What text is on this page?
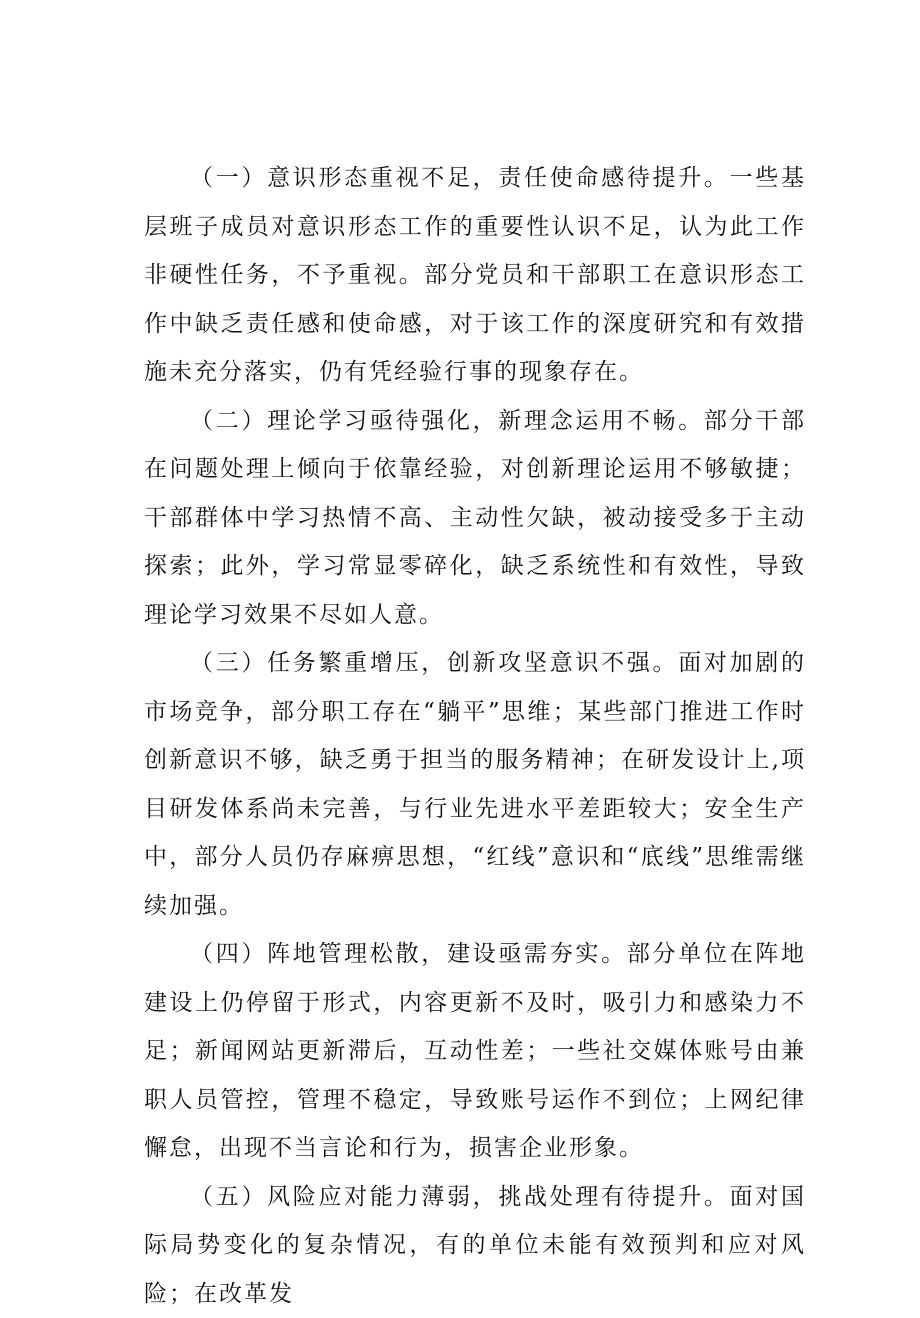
（一）意识形态重视不足，责任使命感待提升。一些基层班子成员对意识形态工作的重要性认识不足，认为此工作非硬性任务，不予重视。部分党员和干部职工在意识形态工作中缺乏责任感和使命感，对于该工作的深度研究和有效措施未充分落实，仍有凭经验行事的现象存在。

（二）理论学习亟待强化，新理念运用不畅。部分干部在问题处理上倾向于依靠经验，对创新理论运用不够敏捷；干部群体中学习热情不高、主动性欠缺，被动接受多于主动探索；此外，学习常显零碎化，缺乏系统性和有效性，导致理论学习效果不尽如人意。

（三）任务繁重增压，创新攻坚意识不强。面对加剧的市场竞争，部分职工存在“躺平”思维；某些部门推进工作时创新意识不够，缺乏勇于担当的服务精神；在研发设计上,项目研发体系尚未完善，与行业先进水平差距较大；安全生产中，部分人员仍存麻痹思想，“红线”意识和“底线”思维需继续加强。

（四）阵地管理松散，建设亟需夯实。部分单位在阵地建设上仍停留于形式，内容更新不及时，吸引力和感染力不足；新闻网站更新滞后，互动性差；一些社交媒体账号由兼职人员管控，管理不稳定，导致账号运作不到位；上网纪律懈怠，出现不当言论和行为，损害企业形象。

（五）风险应对能力薄弱，挑战处理有待提升。面对国际局势变化的复杂情况，有的单位未能有效预判和应对风险；在改革发
